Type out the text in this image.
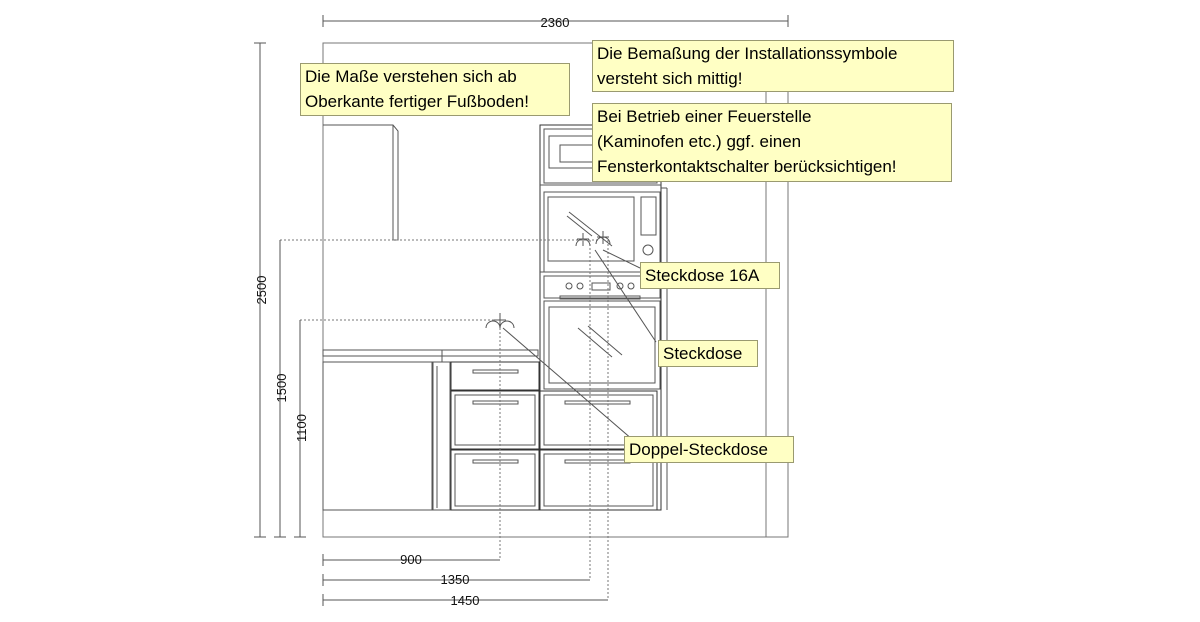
2360
2500
1500
1100
900
1350
1450
Die Maße verstehen sich ab
Oberkante fertiger Fußboden!
Die Bemaßung der Installationssymbole
versteht sich mittig!
Bei Betrieb einer Feuerstelle
(Kaminofen etc.) ggf. einen
Fensterkontaktschalter berücksichtigen!
Steckdose 16A
Steckdose
Doppel-Steckdose
